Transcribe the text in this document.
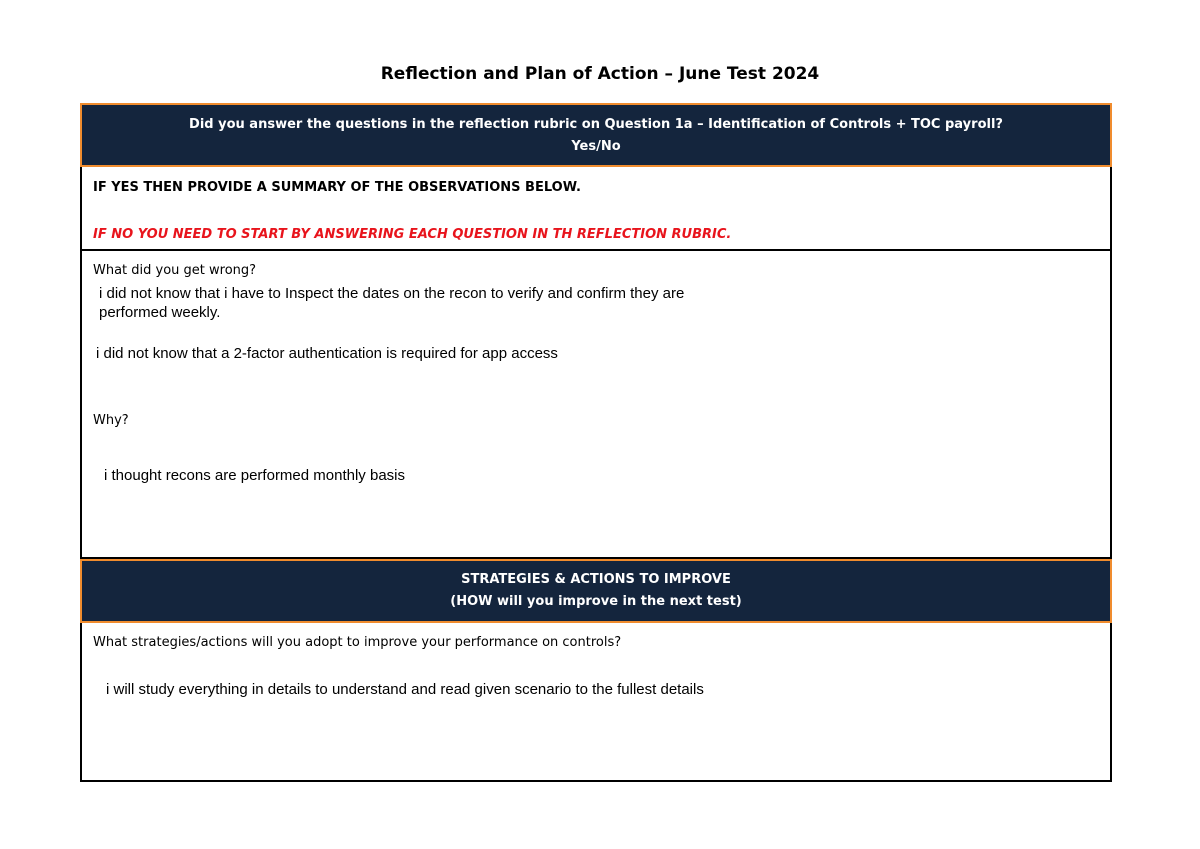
Reflection and Plan of Action – June Test 2024
Did you answer the questions in the reflection rubric on Question 1a – Identification of Controls + TOC payroll?
Yes/No
IF YES THEN PROVIDE A SUMMARY OF THE OBSERVATIONS BELOW.
IF NO YOU NEED TO START BY ANSWERING EACH QUESTION IN TH REFLECTION RUBRIC.
What did you get wrong?
i did not know that i have to Inspect the dates on the recon to verify and confirm they are
performed weekly.
i did not know that a 2-factor authentication is required for app access
Why?
i thought recons are performed monthly basis
STRATEGIES & ACTIONS TO IMPROVE
(HOW will you improve in the next test)
What strategies/actions will you adopt to improve your performance on controls?
i will study everything in details to understand and read given scenario to the fullest details
